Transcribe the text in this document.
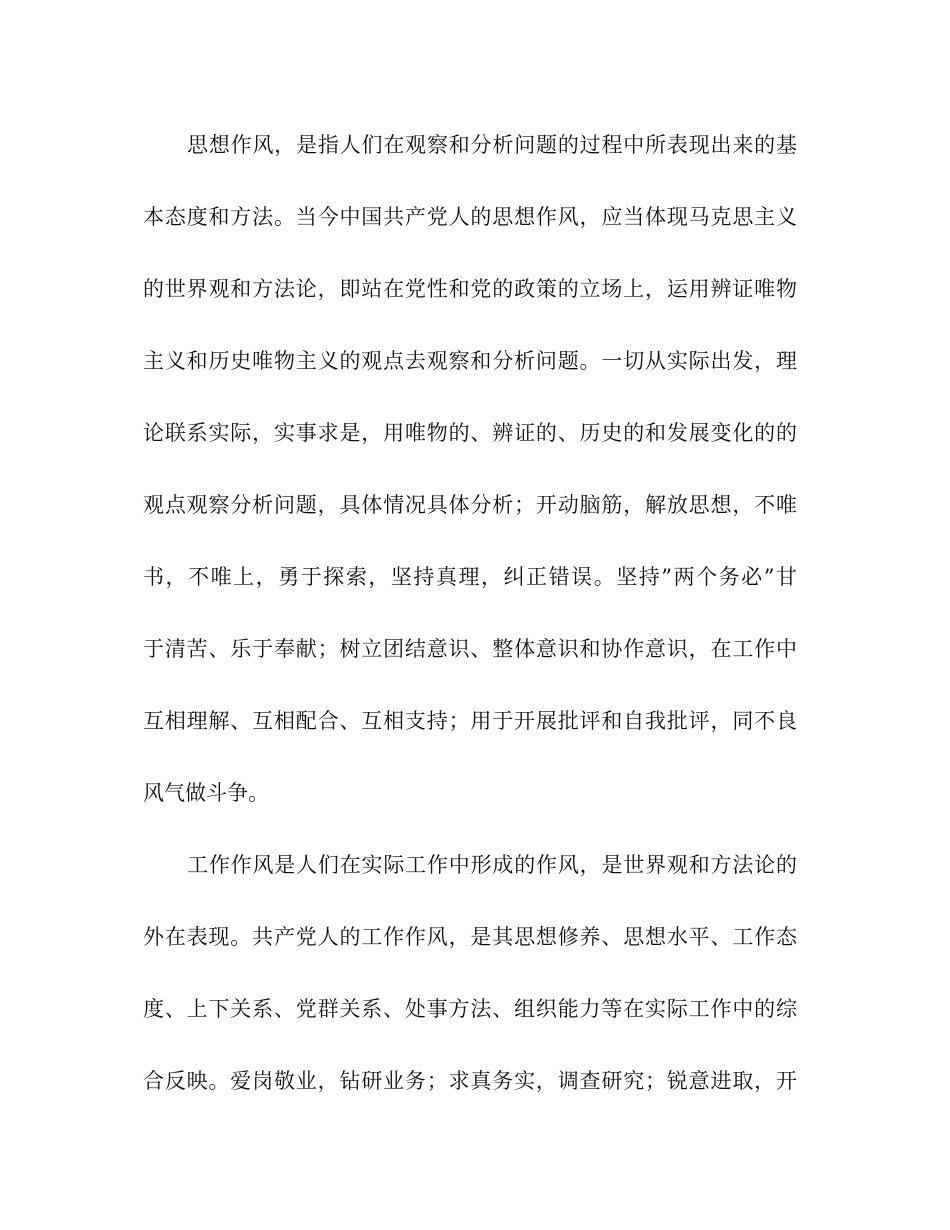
思想作风，是指人们在观察和分析问题的过程中所表现出来的基
本态度和方法。当今中国共产党人的思想作风，应当体现马克思主义
的世界观和方法论，即站在党性和党的政策的立场上，运用辨证唯物
主义和历史唯物主义的观点去观察和分析问题。一切从实际出发，理
论联系实际，实事求是，用唯物的、辨证的、历史的和发展变化的的
观点观察分析问题，具体情况具体分析；开动脑筋，解放思想，不唯
书，不唯上，勇于探索，坚持真理，纠正错误。坚持”两个务必”甘
于清苦、乐于奉献；树立团结意识、整体意识和协作意识，在工作中
互相理解、互相配合、互相支持；用于开展批评和自我批评，同不良
风气做斗争。
工作作风是人们在实际工作中形成的作风，是世界观和方法论的
外在表现。共产党人的工作作风，是其思想修养、思想水平、工作态
度、上下关系、党群关系、处事方法、组织能力等在实际工作中的综
合反映。爱岗敬业，钻研业务；求真务实，调查研究；锐意进取，开
